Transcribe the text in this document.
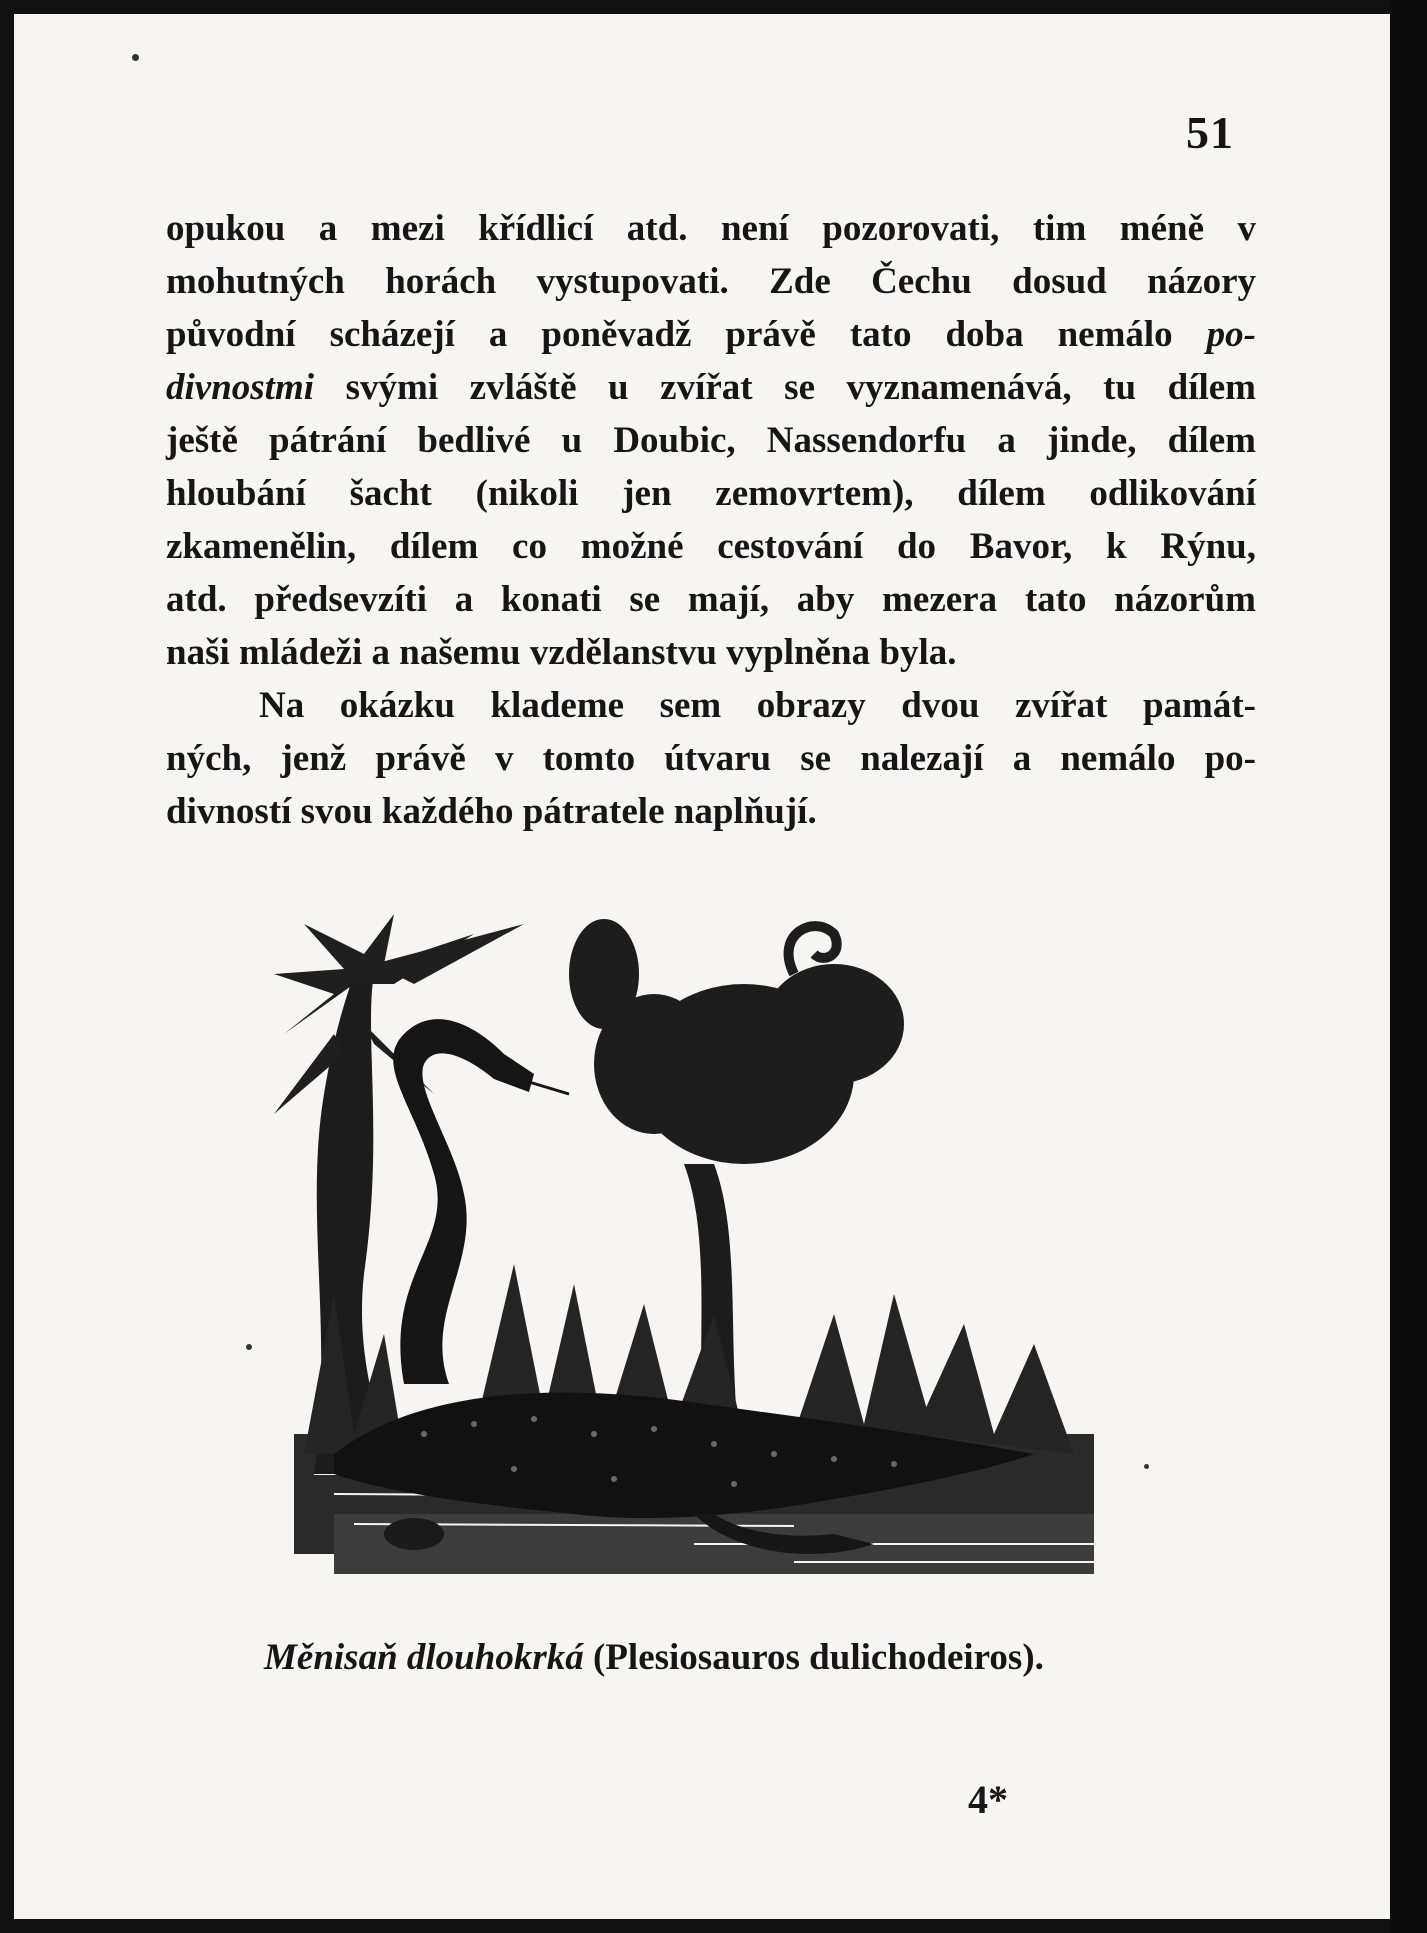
51
opukou a mezi křídlicí atd. není pozorovati, tim méně v
mohutných horách vystupovati. Zde Čechu dosud názory
původní scházejí a poněvadž právě tato doba nemálo po-
divnostmi svými zvláště u zvířat se vyznamenává, tu dílem
ještě pátrání bedlivé u Doubic, Nassendorfu a jinde, dílem
hloubání šacht (nikoli jen zemovrtem), dílem odlikování
zkamenělin, dílem co možné cestování do Bavor, k Rýnu,
atd. předsevzíti a konati se mají, aby mezera tato názorům
naši mládeži a našemu vzdělanstvu vyplněna byla.
Na okázku klademe sem obrazy dvou zvířat památ-
ných, jenž právě v tomto útvaru se nalezají a nemálo po-
divností svou každého pátratele naplňují.
Měnisaň dlouhokrká (Plesiosauros dulichodeiros).
4*
